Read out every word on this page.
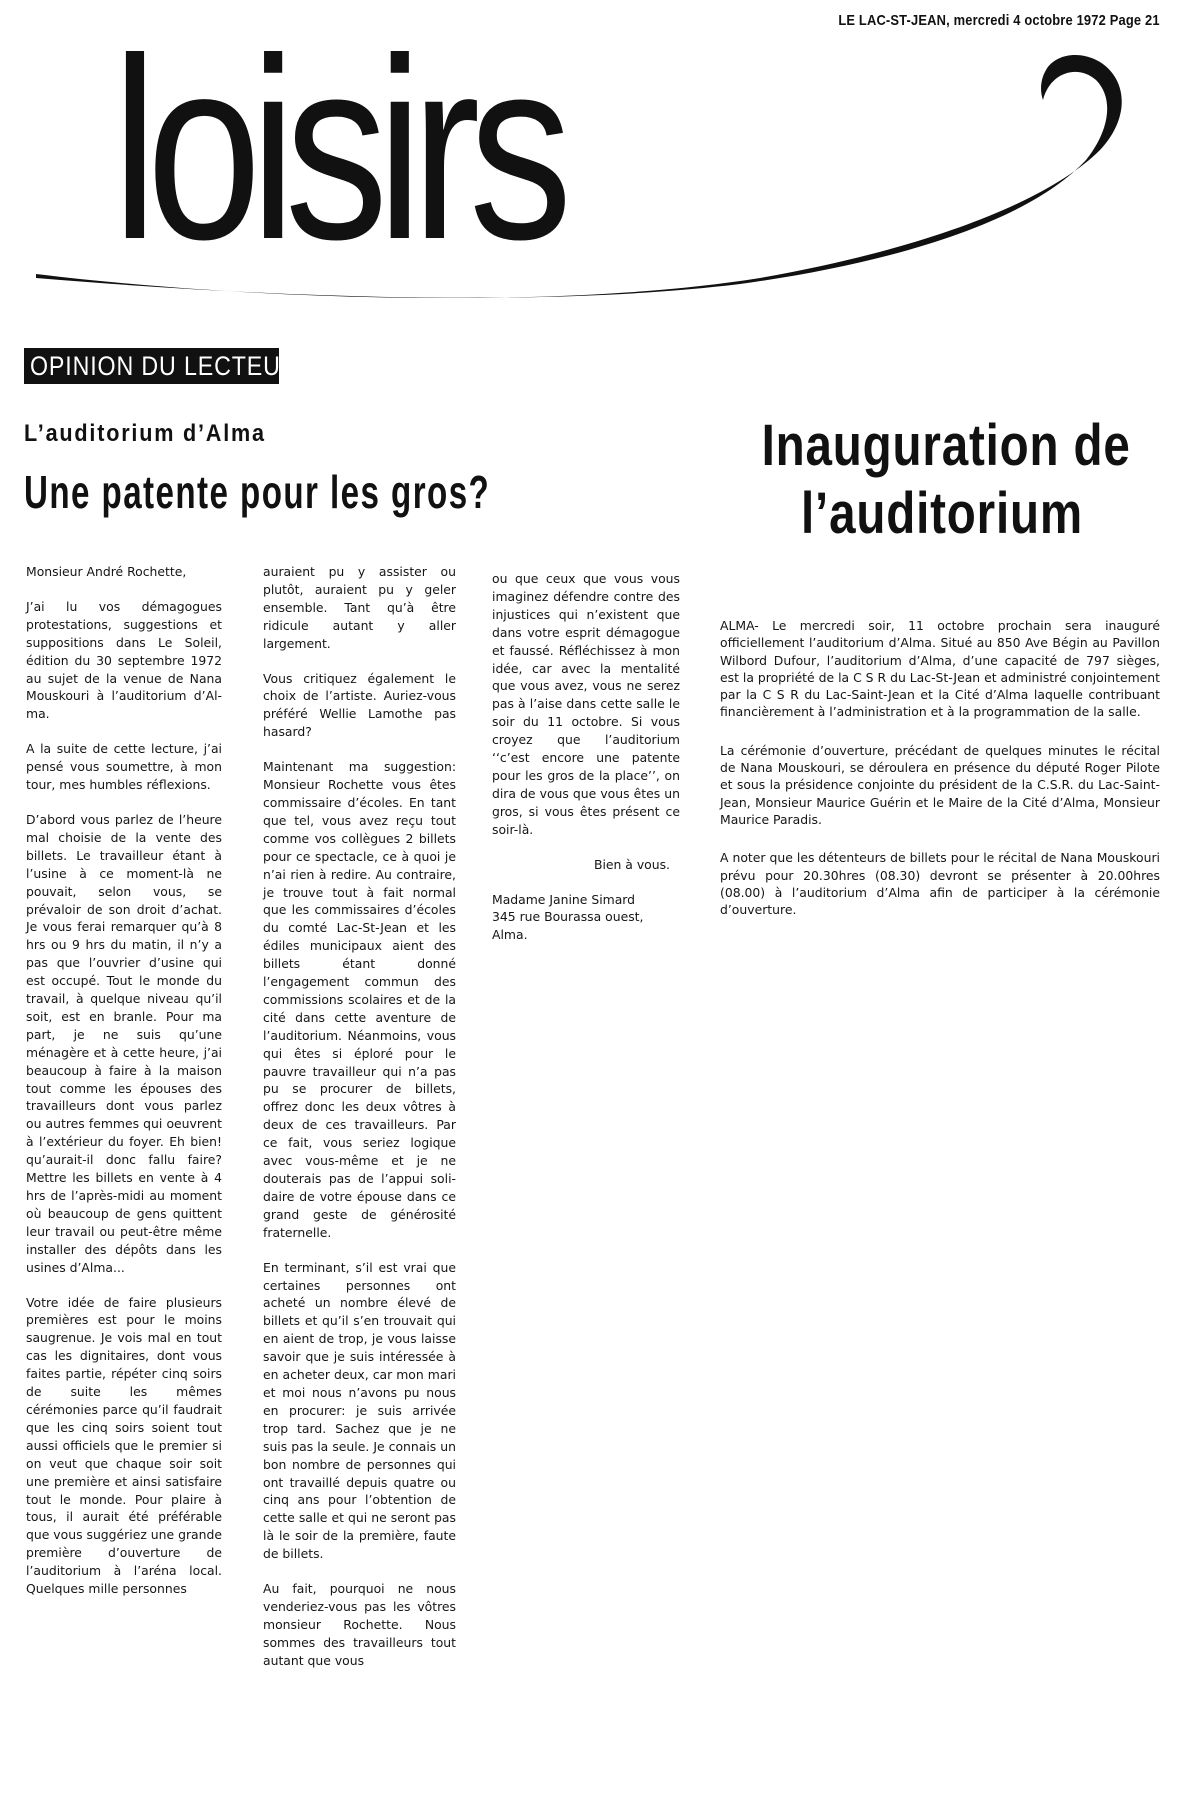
LE LAC-ST-JEAN, mercredi 4 octobre 1972 Page 21
loisirs
OPINION DU LECTEUR
L’auditorium d’Alma
Une patente pour les gros?

Monsieur André Rochette,

J’ai lu vos démagogues protestations, suggestions et suppositions dans Le Soleil, édition du 30 septembre 1972 au sujet de la venue de Nana Mouskouri à l’auditorium d’Alma.

A la suite de cette lecture, j’ai pensé vous soumettre, à mon tour, mes humbles réflexions.

D’abord vous parlez de l’heure mal choisie de la vente des billets. Le travailleur étant à l’usine à ce moment-là ne pouvait, selon vous, se prévaloir de son droit d’achat. Je vous ferai remarquer qu’à 8 hrs ou 9 hrs du matin, il n’y a pas que l’ouvrier d’usine qui est occupé. Tout le monde du travail, à quelque niveau qu’il soit, est en branle. Pour ma part, je ne suis qu’une ménagère et à cette heure, j’ai beaucoup à faire à la maison tout comme les épouses des travailleurs dont vous parlez ou autres femmes qui oeuvrent à l’extérieur du foyer. Eh bien! qu’aurait-il donc fallu faire? Mettre les billets en vente à 4 hrs de l’après-midi au moment où beaucoup de gens quittent leur travail ou peut-être même installer des dépôts dans les usines d’Alma...

Votre idée de faire plusieurs premières est pour le moins saugrenue. Je vois mal en tout cas les dignitaires, dont vous faites partie, répéter cinq soirs de suite les mêmes cérémonies parce qu’il faudrait que les cinq soirs soient tout aussi officiels que le premier si on veut que chaque soir soit une première et ainsi satisfaire tout le monde. Pour plaire à tous, il aurait été préférable que vous suggériez une grande première d’ouverture de l’auditorium à l’aréna local. Quelques mille personnes

auraient pu y assister ou plutôt, auraient pu y geler ensemble. Tant qu’à être ridicule autant y aller largement.

Vous critiquez également le choix de l’artiste. Auriez-vous préféré Wellie Lamothe pas hasard?

Maintenant ma suggestion: Monsieur Rochette vous êtes commissaire d’écoles. En tant que tel, vous avez reçu tout comme vos collègues 2 billets pour ce spectacle, ce à quoi je n’ai rien à redire. Au contraire, je trouve tout à fait normal que les commissaires d’écoles du comté Lac-St-Jean et les édiles municipaux aient des billets étant donné l’engagement commun des commissions scolaires et de la cité dans cette aventure de l’auditorium. Néanmoins, vous qui êtes si éploré pour le pauvre travailleur qui n’a pas pu se procurer de billets, offrez donc les deux vôtres à deux de ces travailleurs. Par ce fait, vous seriez logique avec vous-même et je ne douterais pas de l’appui solidaire de votre épouse dans ce grand geste de générosité fraternelle.

En terminant, s’il est vrai que certaines personnes ont acheté un nombre élevé de billets et qu’il s’en trouvait qui en aient de trop, je vous laisse savoir que je suis intéressée à en acheter deux, car mon mari et moi nous n’avons pu nous en procurer: je suis arrivée trop tard. Sachez que je ne suis pas la seule. Je connais un bon nombre de personnes qui ont travaillé depuis quatre ou cinq ans pour l’obtention de cette salle et qui ne seront pas là le soir de la première, faute de billets.

Au fait, pourquoi ne nous venderiez-vous pas les vôtres monsieur Rochette. Nous sommes des travailleurs tout autant que vous

ou que ceux que vous vous imaginez défendre contre des injustices qui n’existent que dans votre esprit démagogue et faussé. Réfléchissez à mon idée, car avec la mentalité que vous avez, vous ne serez pas à l’aise dans cette salle le soir du 11 octobre. Si vous croyez que l’auditorium ‘‘c’est encore une patente pour les gros de la place’’, on dira de vous que vous êtes un gros, si vous êtes présent ce soir-là.

Bien à vous.

Madame Janine Simard

345 rue Bourassa ouest,

Alma.

Inauguration de
l’auditorium

ALMA- Le mercredi soir, 11 octobre prochain sera inauguré officiellement l’auditorium d’Alma. Situé au 850 Ave Bégin au Pavillon Wilbord Dufour, l’auditorium d’Alma, d’une capacité de 797 sièges, est la propriété de la C S R du Lac-St-Jean et administré conjointement par la C S R du Lac-Saint-Jean et la Cité d’Alma laquelle contribuant financièrement à l’administration et à la programmation de la salle.

La cérémonie d’ouverture, précédant de quelques minutes le récital de Nana Mouskouri, se déroulera en présence du député Roger Pilote et sous la présidence conjointe du président de la C.S.R. du Lac-Saint-Jean, Monsieur Maurice Guérin et le Maire de la Cité d’Alma, Monsieur Maurice Paradis.

A noter que les détenteurs de billets pour le récital de Nana Mouskouri prévu pour 20.30hres (08.30) devront se présenter à 20.00hres (08.00) à l’auditorium d’Alma afin de participer à la cérémonie d’ouverture.
